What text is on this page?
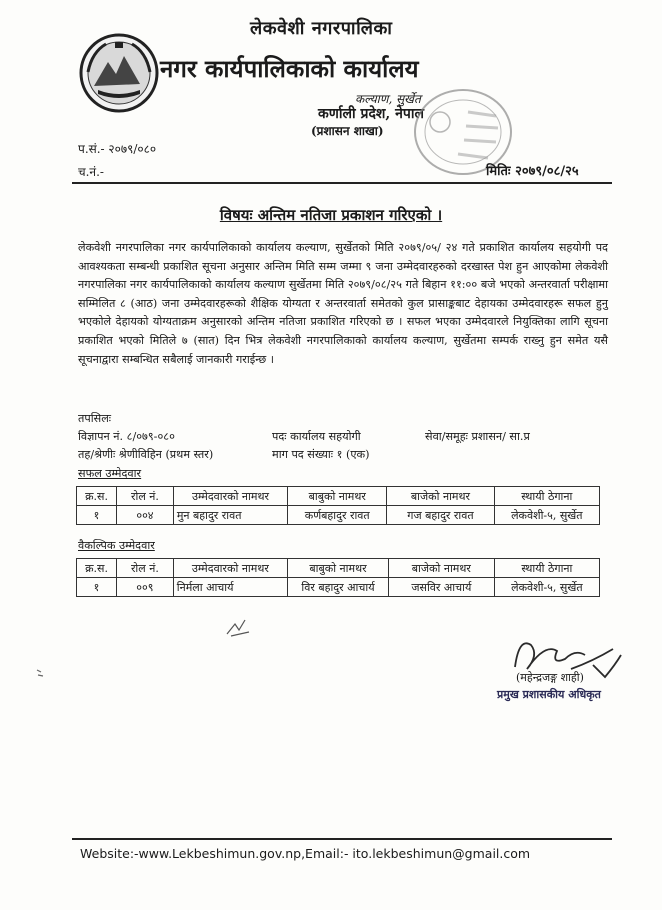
लेकवेशी नगरपालिका
नगर कार्यपालिकाको कार्यालय
कल्याण, सुर्खेत
कर्णाली प्रदेश, नेपाल
(प्रशासन शाखा)
प.सं.- २०७९/०८०
च.नं.-	मितिः २०७९/०८/२५
विषयः अन्तिम नतिजा प्रकाशन गरिएको ।
लेकवेशी नगरपालिका नगर कार्यपालिकाको कार्यालय कल्याण, सुर्खेतको मिति २०७९/०५/ २४ गते प्रकाशित कार्यालय सहयोगी पद आवश्यकता सम्बन्धी प्रकाशित सूचना अनुसार अन्तिम मिति सम्म जम्मा ९ जना उम्मेदवारहरुको दरखास्त पेश हुन आएकोमा लेकवेशी नगरपालिका नगर कार्यपालिकाको कार्यालय कल्याण सुर्खेतमा मिति २०७९/०८/२५ गते बिहान ११:०० बजे भएको अन्तरवार्ता परीक्षामा सम्मिलित ८ (आठ) जना उम्मेदवारहरूको शैक्षिक योग्यता र अन्तरवार्ता समेतको कुल प्रासाङ्कबाट देहायका उम्मेदवारहरू सफल हुनु भएकोले देहायको योग्यताक्रम अनुसारको अन्तिम नतिजा प्रकाशित गरिएको छ । सफल भएका उम्मेदवारले नियुक्तिका लागि सूचना प्रकाशित भएको मितिले ७ (सात) दिन भित्र लेकवेशी नगरपालिकाको कार्यालय कल्याण, सुर्खेतमा सम्पर्क राख्नु हुन समेत यसै सूचनाद्वारा सम्बन्धित सबैलाई जानकारी गराईन्छ ।
तपसिलः
विज्ञापन नं. ८/०७९-०८०	पदः कार्यालय सहयोगी	सेवा/समूहः प्रशासन/ सा.प्र
तह/श्रेणीः श्रेणीविहिन (प्रथम स्तर)	माग पद संख्याः १ (एक)
सफल उम्मेदवार
क्र.स.	रोल नं.	उम्मेदवारको नामथर	बाबुको नामथर	बाजेको नामथर	स्थायी ठेगाना
१	००४	मुन बहादुर रावत	कर्णबहादुर रावत	गज बहादुर रावत	लेकवेशी-५, सुर्खेत
वैकल्पिक उम्मेदवार
क्र.स.	रोल नं.	उम्मेदवारको नामथर	बाबुको नामथर	बाजेको नामथर	स्थायी ठेगाना
१	००९	निर्मला आचार्य	विर बहादुर आचार्य	जसविर आचार्य	लेकवेशी-५, सुर्खेत
(महेन्द्रजङ्ग शाही)
प्रमुख प्रशासकीय अधिकृत
Website:-www.Lekbeshimun.gov.np,Email:- ito.lekbeshimun@gmail.com
